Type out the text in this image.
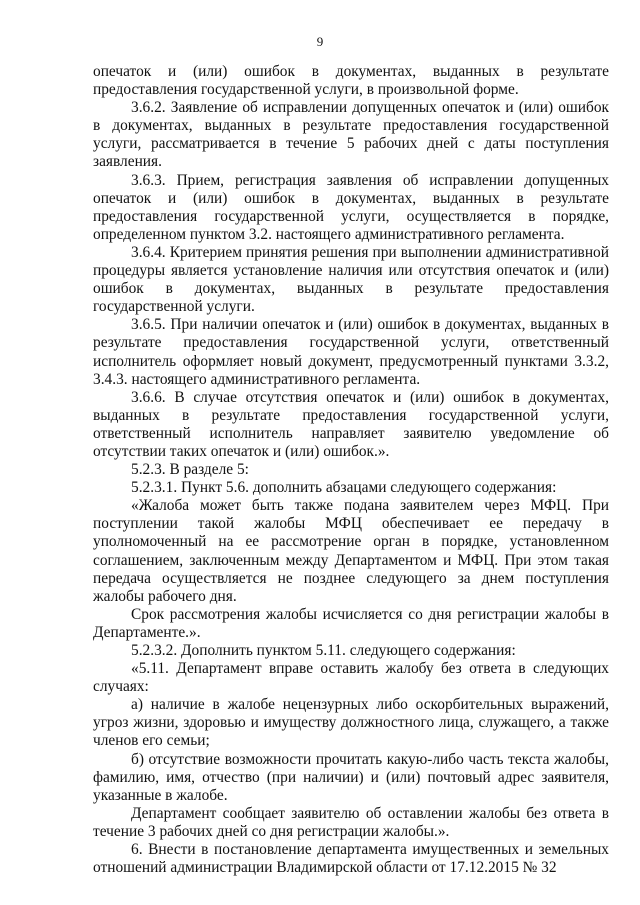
9

опечаток и (или) ошибок в документах, выданных в результате предоставления государственной услуги, в произвольной форме.

3.6.2. Заявление об исправлении допущенных опечаток и (или) ошибок в документах, выданных в результате предоставления государственной услуги, рассматривается в течение 5 рабочих дней с даты поступления заявления.

3.6.3. Прием, регистрация заявления об исправлении допущенных опечаток и (или) ошибок в документах, выданных в результате предоставления государственной услуги, осуществляется в порядке, определенном пунктом 3.2. настоящего административного регламента.

3.6.4. Критерием принятия решения при выполнении административной процедуры является установление наличия или отсутствия опечаток и (или) ошибок в документах, выданных в результате предоставления государственной услуги.

3.6.5. При наличии опечаток и (или) ошибок в документах, выданных в результате предоставления государственной услуги, ответственный исполнитель оформляет новый документ, предусмотренный пунктами 3.3.2, 3.4.3. настоящего административного регламента.

3.6.6. В случае отсутствия опечаток и (или) ошибок в документах, выданных в результате предоставления государственной услуги, ответственный исполнитель направляет заявителю уведомление об отсутствии таких опечаток и (или) ошибок.».

5.2.3. В разделе 5:

5.2.3.1. Пункт 5.6. дополнить абзацами следующего содержания:

«Жалоба может быть также подана заявителем через МФЦ. При поступлении такой жалобы МФЦ обеспечивает ее передачу в уполномоченный на ее рассмотрение орган в порядке, установленном соглашением, заключенным между Департаментом и МФЦ. При этом такая передача осуществляется не позднее следующего за днем поступления жалобы рабочего дня.

Срок рассмотрения жалобы исчисляется со дня регистрации жалобы в Департаменте.».

5.2.3.2. Дополнить пунктом 5.11. следующего содержания:

«5.11. Департамент вправе оставить жалобу без ответа в следующих случаях:

а) наличие в жалобе нецензурных либо оскорбительных выражений, угроз жизни, здоровью и имуществу должностного лица, служащего, а также членов его семьи;

б) отсутствие возможности прочитать какую-либо часть текста жалобы, фамилию, имя, отчество (при наличии) и (или) почтовый адрес заявителя, указанные в жалобе.

Департамент сообщает заявителю об оставлении жалобы без ответа в течение 3 рабочих дней со дня регистрации жалобы.».

6. Внести в постановление департамента имущественных и земельных отношений администрации Владимирской области от 17.12.2015 № 32
